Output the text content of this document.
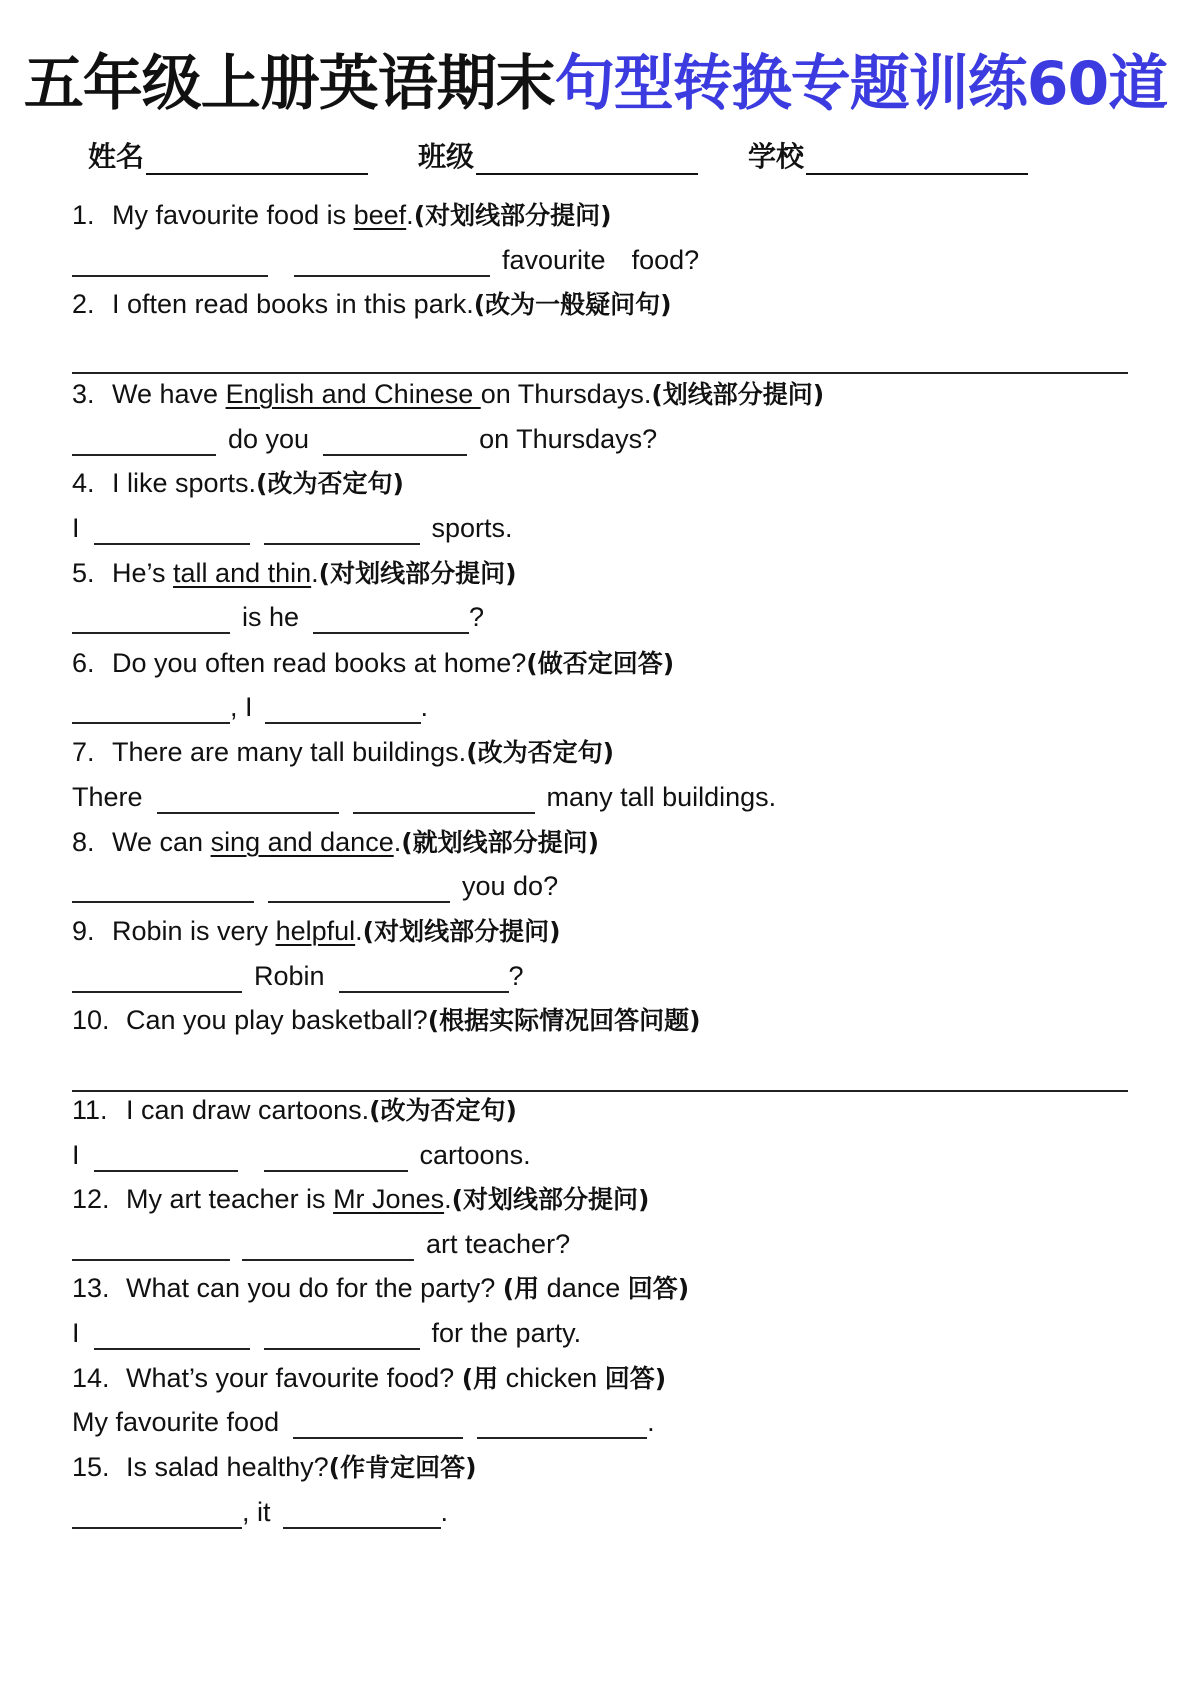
五年级上册英语期末句型转换专题训练60道
姓名	班级	学校
1. My favourite food is beef.(对划线部分提问)
favourite food?
2. I often read books in this park.(改为一般疑问句)
3. We have English and Chinese on Thursdays.(划线部分提问)
do you	on Thursdays?
4. I like sports.(改为否定句)
I	sports.
5. He’s tall and thin.(对划线部分提问)
is he	?
6. Do you often read books at home?(做否定回答)
, I	.
7. There are many tall buildings.(改为否定句)
There	many tall buildings.
8. We can sing and dance.(就划线部分提问)
you do?
9. Robin is very helpful.(对划线部分提问)
Robin	?
10. Can you play basketball?(根据实际情况回答问题)
11. I can draw cartoons.(改为否定句)
I	cartoons.
12. My art teacher is Mr Jones.(对划线部分提问)
art teacher?
13. What can you do for the party? (用 dance 回答)
I	for the party.
14. What’s your favourite food? (用 chicken 回答)
My favourite food	.
15. Is salad healthy?(作肯定回答)
, it	.
